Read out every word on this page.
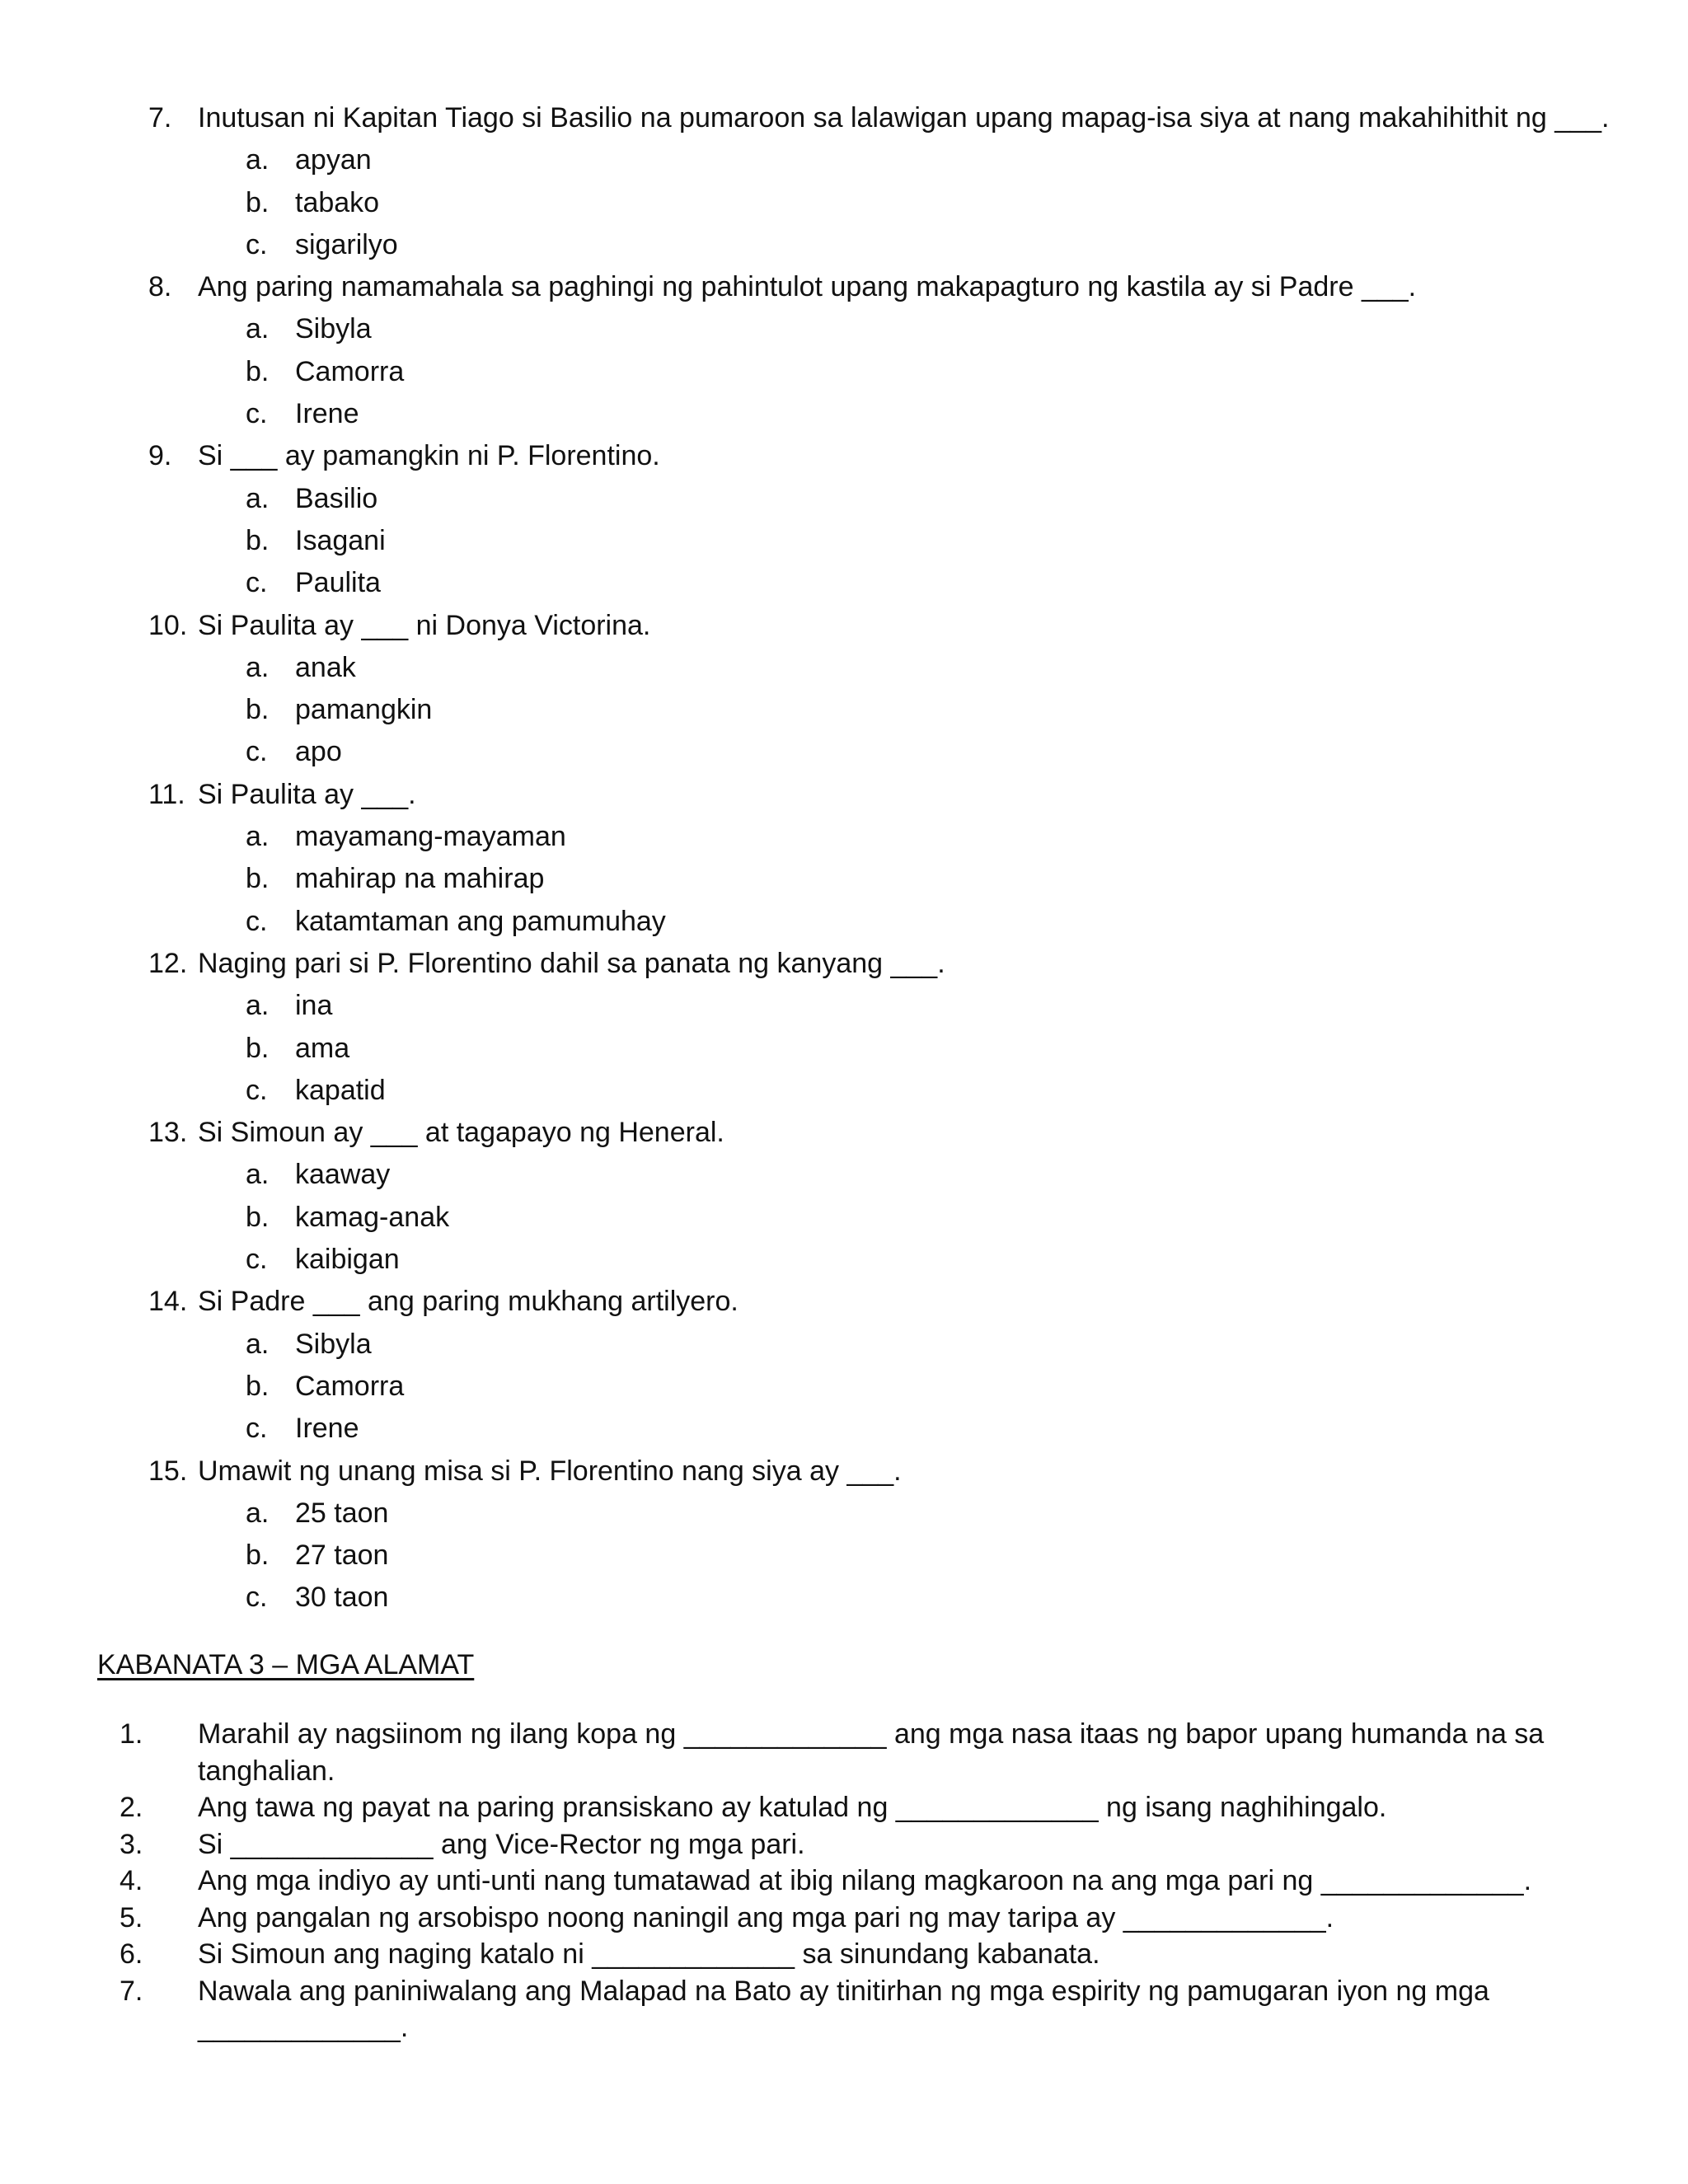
7. Inutusan ni Kapitan Tiago si Basilio na pumaroon sa lalawigan upang mapag-isa siya at nang makahihithit ng ___.
a. apyan
b. tabako
c. sigarilyo
8. Ang paring namamahala sa paghingi ng pahintulot upang makapagturo ng kastila ay si Padre ___.
a. Sibyla
b. Camorra
c. Irene
9. Si ___ ay pamangkin ni P. Florentino.
a. Basilio
b. Isagani
c. Paulita
10. Si Paulita ay ___ ni Donya Victorina.
a. anak
b. pamangkin
c. apo
11. Si Paulita ay ___.
a. mayamang-mayaman
b. mahirap na mahirap
c. katamtaman ang pamumuhay
12. Naging pari si P. Florentino dahil sa panata ng kanyang ___.
a. ina
b. ama
c. kapatid
13. Si Simoun ay ___ at tagapayo ng Heneral.
a. kaaway
b. kamag-anak
c. kaibigan
14. Si Padre ___ ang paring mukhang artilyero.
a. Sibyla
b. Camorra
c. Irene
15. Umawit ng unang misa si P. Florentino nang siya ay ___.
a. 25 taon
b. 27 taon
c. 30 taon
KABANATA 3 – MGA ALAMAT
1.	Marahil ay nagsiinom ng ilang kopa ng _____________ ang mga nasa itaas ng bapor upang humanda na sa tanghalian.
2.	Ang tawa ng payat na paring pransiskano ay katulad ng _____________ ng isang naghihingalo.
3.	Si _____________ ang Vice-Rector ng mga pari.
4.	Ang mga indiyo ay unti-unti nang tumatawad at ibig nilang magkaroon na ang mga pari ng _____________.
5.	Ang pangalan ng arsobispo noong naningil ang mga pari ng may taripa ay _____________.
6.	Si Simoun ang naging katalo ni _____________ sa sinundang kabanata.
7.	Nawala ang paniniwalang ang Malapad na Bato ay tinitirhan ng mga espirity ng pamugaran iyon ng mga
_____________.
